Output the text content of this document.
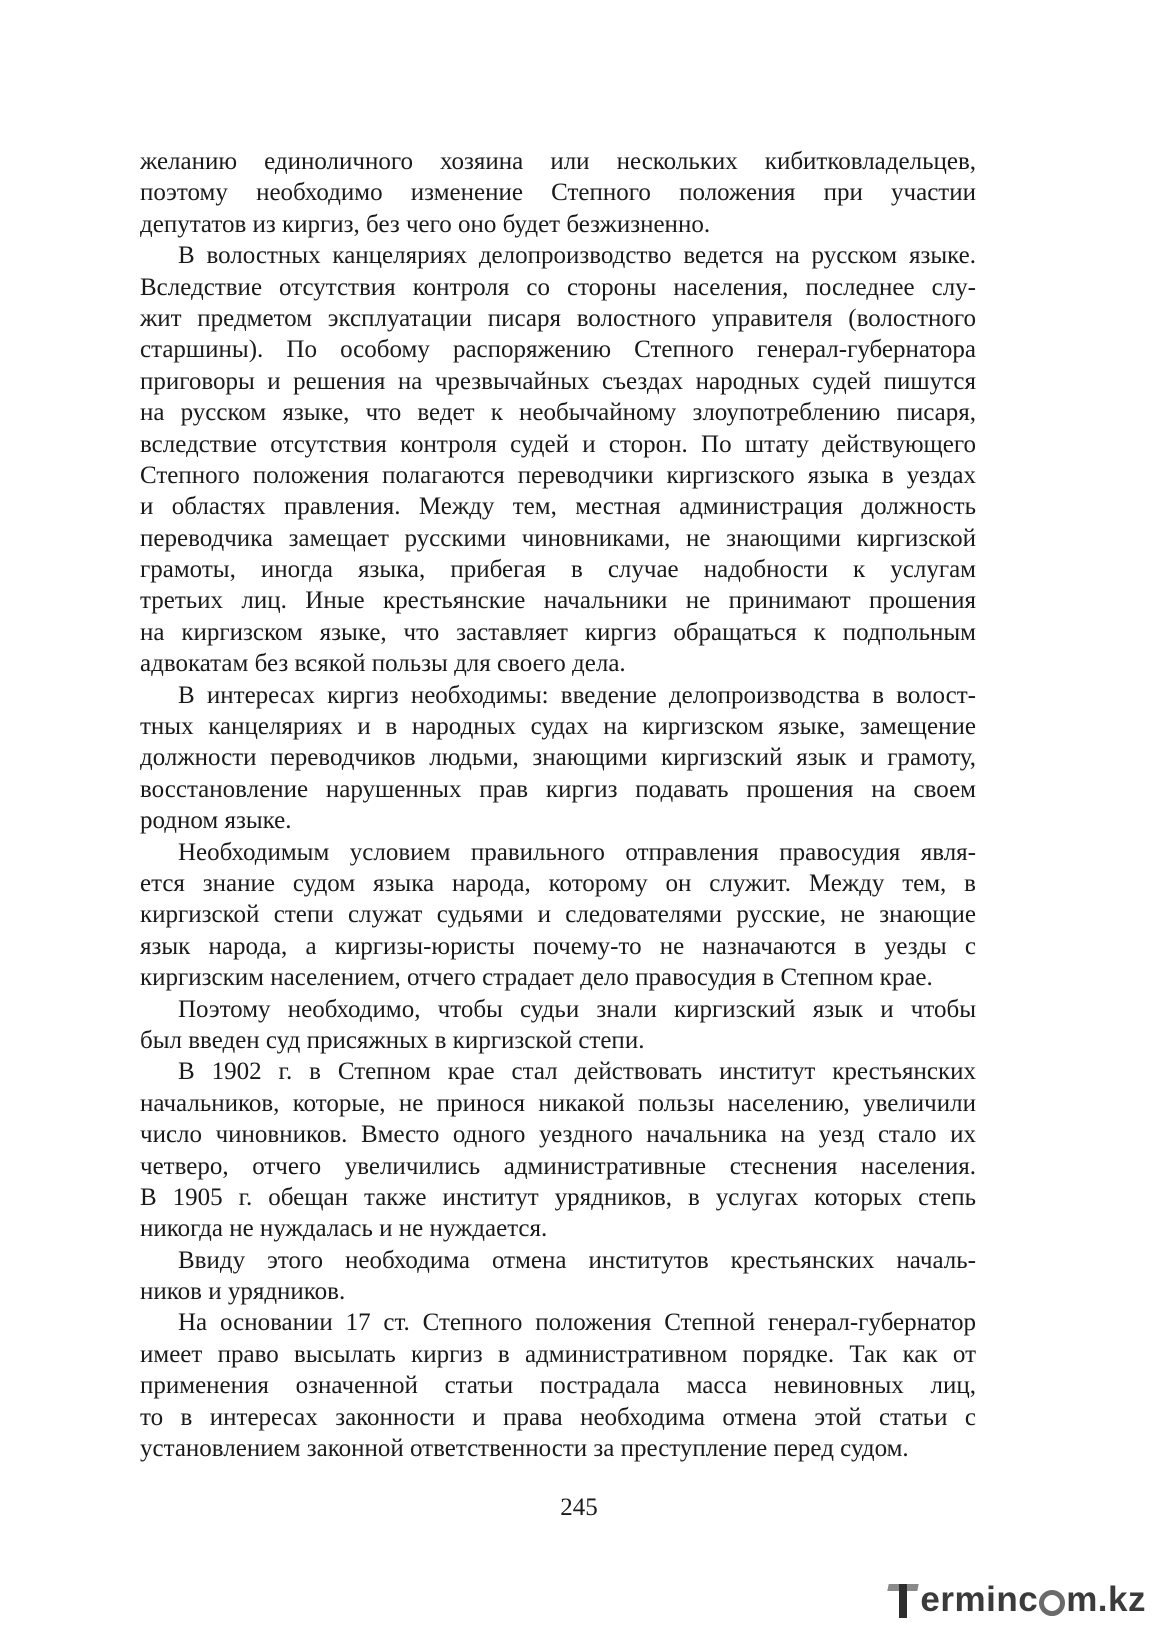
желанию единоличного хозяина или нескольких кибитковладельцев,
поэтому необходимо изменение Степного положения при участии
депутатов из киргиз, без чего оно будет безжизненно.
В волостных канцеляриях делопроизводство ведется на русском языке.
Вследствие отсутствия контроля со стороны населения, последнее слу-
жит предметом эксплуатации писаря волостного управителя (волостного
старшины). По особому распоряжению Степного генерал-губернатора
приговоры и решения на чрезвычайных съездах народных судей пишутся
на русском языке, что ведет к необычайному злоупотреблению писаря,
вследствие отсутствия контроля судей и сторон. По штату действующего
Степного положения полагаются переводчики киргизского языка в уездах
и областях правления. Между тем, местная администрация должность
переводчика замещает русскими чиновниками, не знающими киргизской
грамоты, иногда языка, прибегая в случае надобности к услугам
третьих лиц. Иные крестьянские начальники не принимают прошения
на киргизском языке, что заставляет киргиз обращаться к подпольным
адвокатам без всякой пользы для своего дела.
В интересах киргиз необходимы: введение делопроизводства в волост-
тных канцеляриях и в народных судах на киргизском языке, замещение
должности переводчиков людьми, знающими киргизский язык и грамоту,
восстановление нарушенных прав киргиз подавать прошения на своем
родном языке.
Необходимым условием правильного отправления правосудия явля-
ется знание судом языка народа, которому он служит. Между тем, в
киргизской степи служат судьями и следователями русские, не знающие
язык народа, а киргизы-юристы почему-то не назначаются в уезды с
киргизским населением, отчего страдает дело правосудия в Степном крае.
Поэтому необходимо, чтобы судьи знали киргизский язык и чтобы
был введен суд присяжных в киргизской степи.
В 1902 г. в Степном крае стал действовать институт крестьянских
начальников, которые, не принося никакой пользы населению, увеличили
число чиновников. Вместо одного уездного начальника на уезд стало их
четверо, отчего увеличились административные стеснения населения.
В 1905 г. обещан также институт урядников, в услугах которых степь
никогда не нуждалась и не нуждается.
Ввиду этого необходима отмена институтов крестьянских началь-
ников и урядников.
На основании 17 ст. Степного положения Степной генерал-губернатор
имеет право высылать киргиз в административном порядке. Так как от
применения означенной статьи пострадала масса невиновных лиц,
то в интересах законности и права необходима отмена этой статьи с
установлением законной ответственности за преступление перед судом.
245
ermin c m.kz
